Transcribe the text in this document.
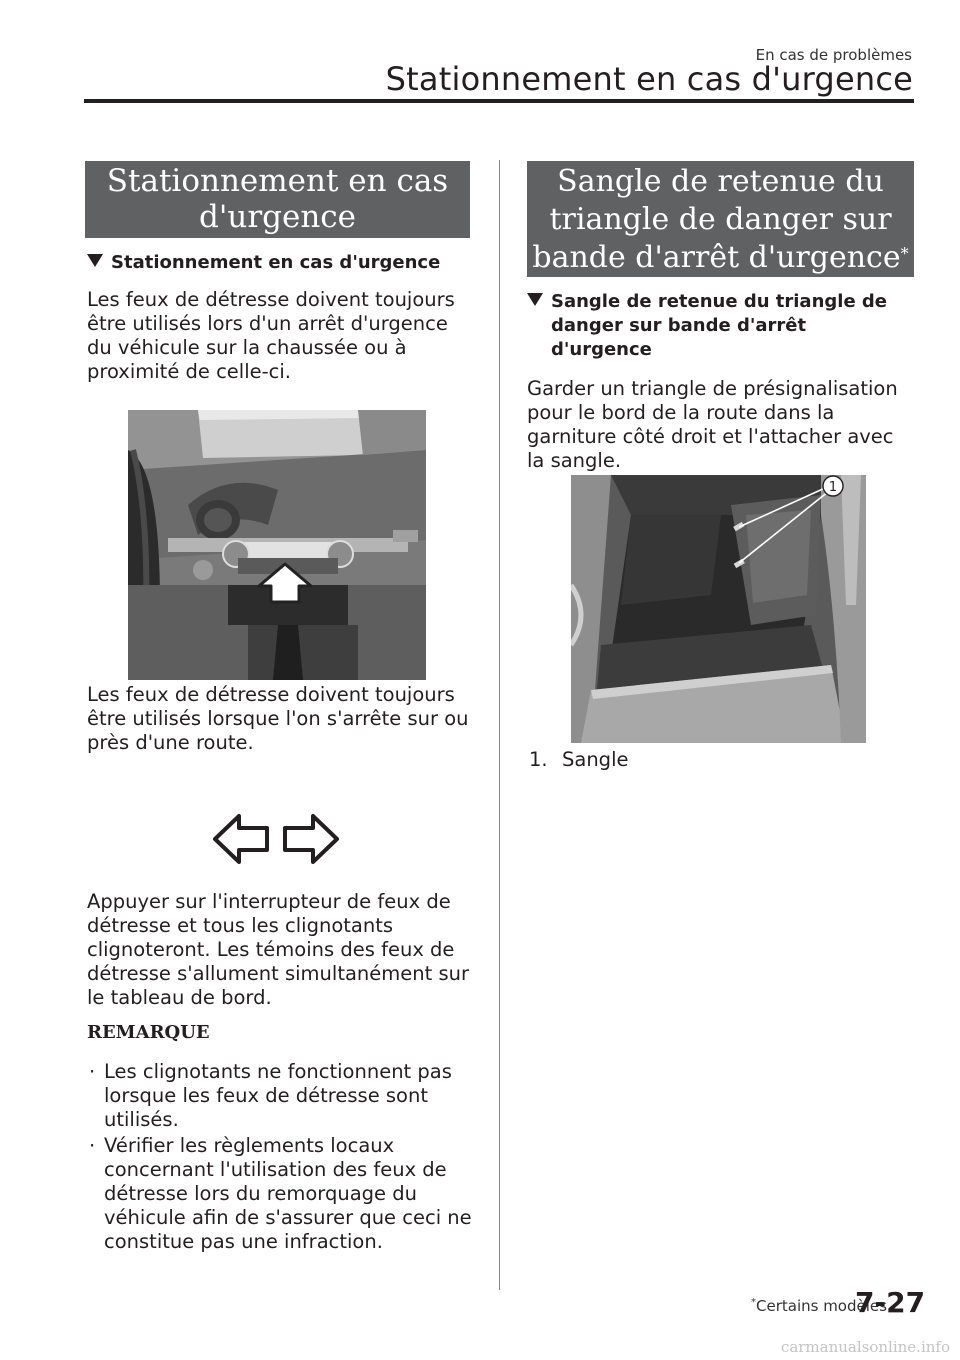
En cas de problèmes
Stationnement en cas d'urgence
Stationnement en cas
d'urgence
Stationnement en cas d'urgence
Les feux de détresse doivent toujours être utilisés lors d'un arrêt d'urgence du véhicule sur la chaussée ou à proximité de celle-ci.
Les feux de détresse doivent toujours être utilisés lorsque l'on s'arrête sur ou près d'une route.
Appuyer sur l'interrupteur de feux de détresse et tous les clignotants clignoteront. Les témoins des feux de détresse s'allument simultanément sur le tableau de bord.
REMARQUE
· Les clignotants ne fonctionnent pas lorsque les feux de détresse sont utilisés.
· Vérifier les règlements locaux concernant l'utilisation des feux de détresse lors du remorquage du véhicule afin de s'assurer que ceci ne constitue pas une infraction.
Sangle de retenue du
triangle de danger sur
bande d'arrêt d'urgence*
Sangle de retenue du triangle de
danger sur bande d'arrêt
d'urgence
Garder un triangle de présignalisation pour le bord de la route dans la garniture côté droit et l'attacher avec la sangle.
1
1. Sangle
*Certains modèles.
7-27
carmanualsonline.info
